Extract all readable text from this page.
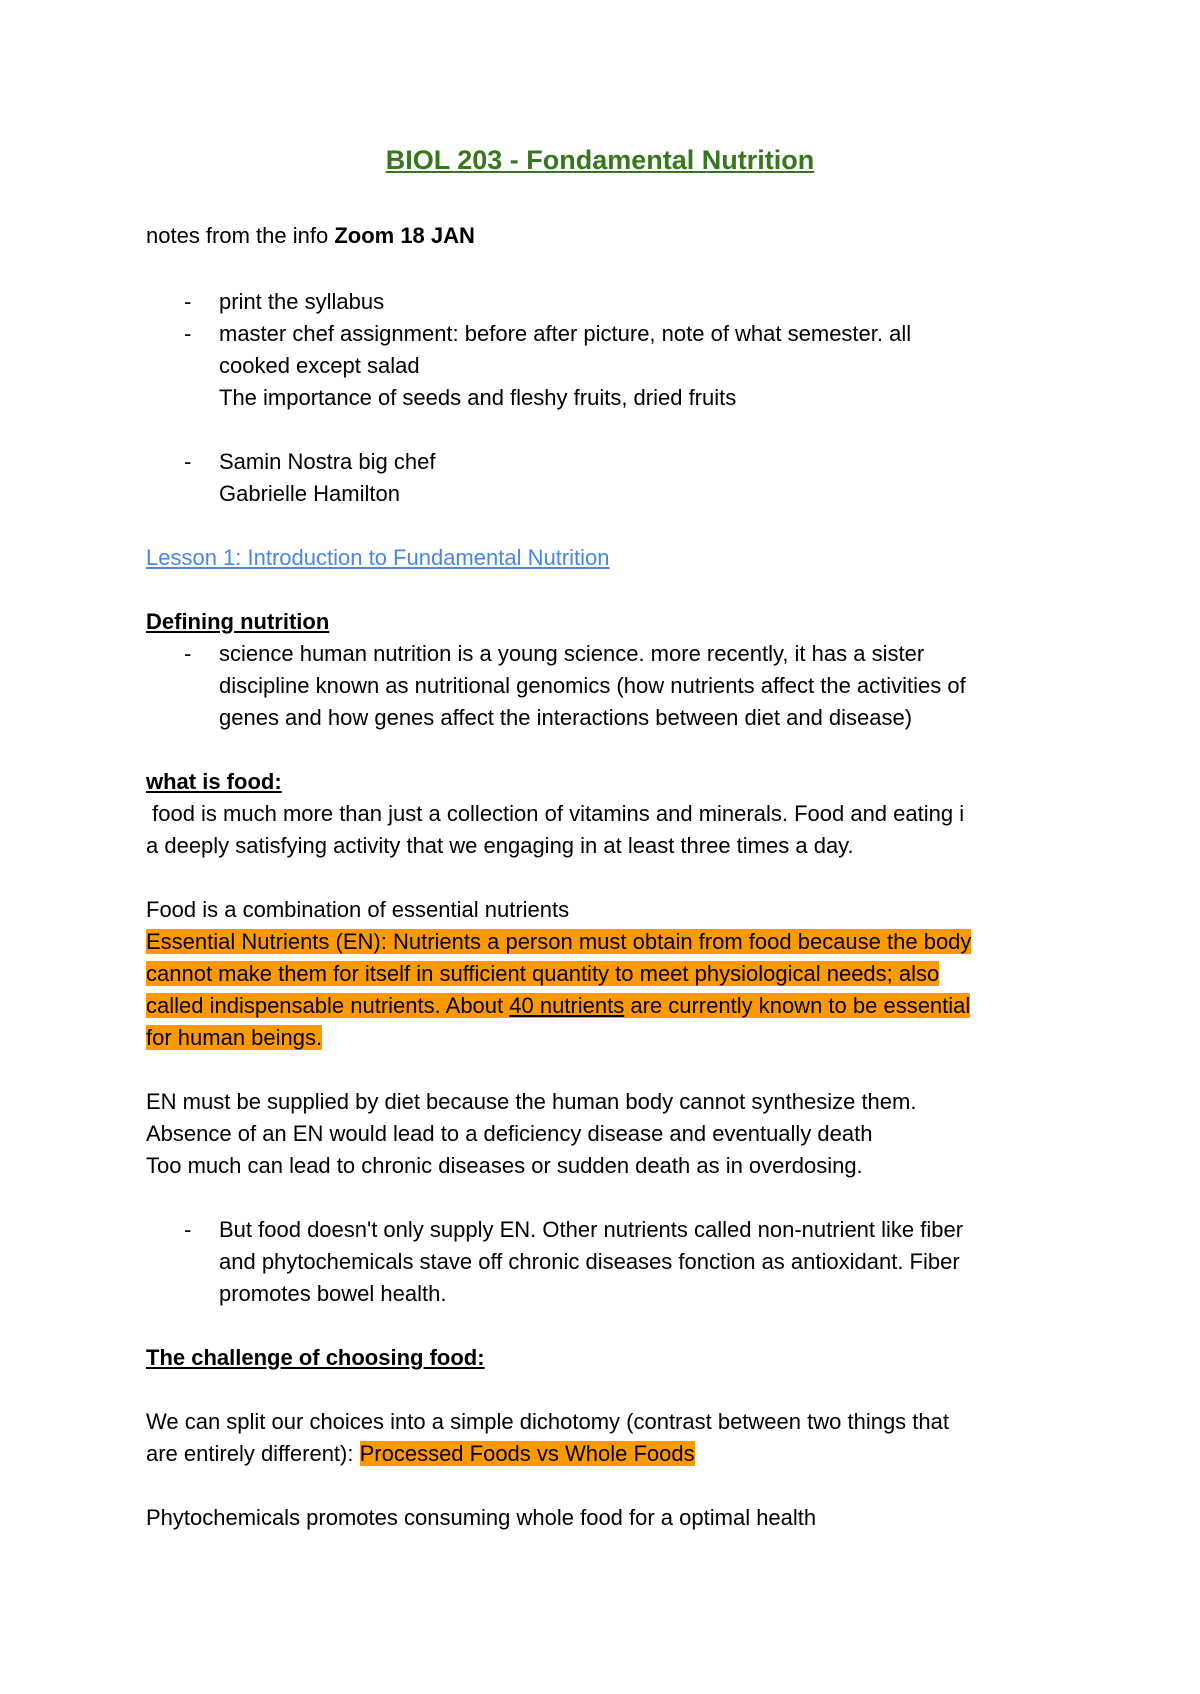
BIOL 203 - Fondamental Nutrition
notes from the info Zoom 18 JAN
- print the syllabus
- master chef assignment: before after picture, note of what semester. all
cooked except salad
The importance of seeds and fleshy fruits, dried fruits
- Samin Nostra big chef
Gabrielle Hamilton
Lesson 1: Introduction to Fundamental Nutrition
Defining nutrition
- science human nutrition is a young science. more recently, it has a sister
discipline known as nutritional genomics (how nutrients affect the activities of
genes and how genes affect the interactions between diet and disease)
what is food:
food is much more than just a collection of vitamins and minerals. Food and eating i
a deeply satisfying activity that we engaging in at least three times a day.
Food is a combination of essential nutrients
Essential Nutrients (EN): Nutrients a person must obtain from food because the body
cannot make them for itself in sufficient quantity to meet physiological needs; also
called indispensable nutrients. About 40 nutrients are currently known to be essential
for human beings.
EN must be supplied by diet because the human body cannot synthesize them.
Absence of an EN would lead to a deficiency disease and eventually death
Too much can lead to chronic diseases or sudden death as in overdosing.
- But food doesn't only supply EN. Other nutrients called non-nutrient like fiber
and phytochemicals stave off chronic diseases fonction as antioxidant. Fiber
promotes bowel health.
The challenge of choosing food:
We can split our choices into a simple dichotomy (contrast between two things that
are entirely different): Processed Foods vs Whole Foods
Phytochemicals promotes consuming whole food for a optimal health
